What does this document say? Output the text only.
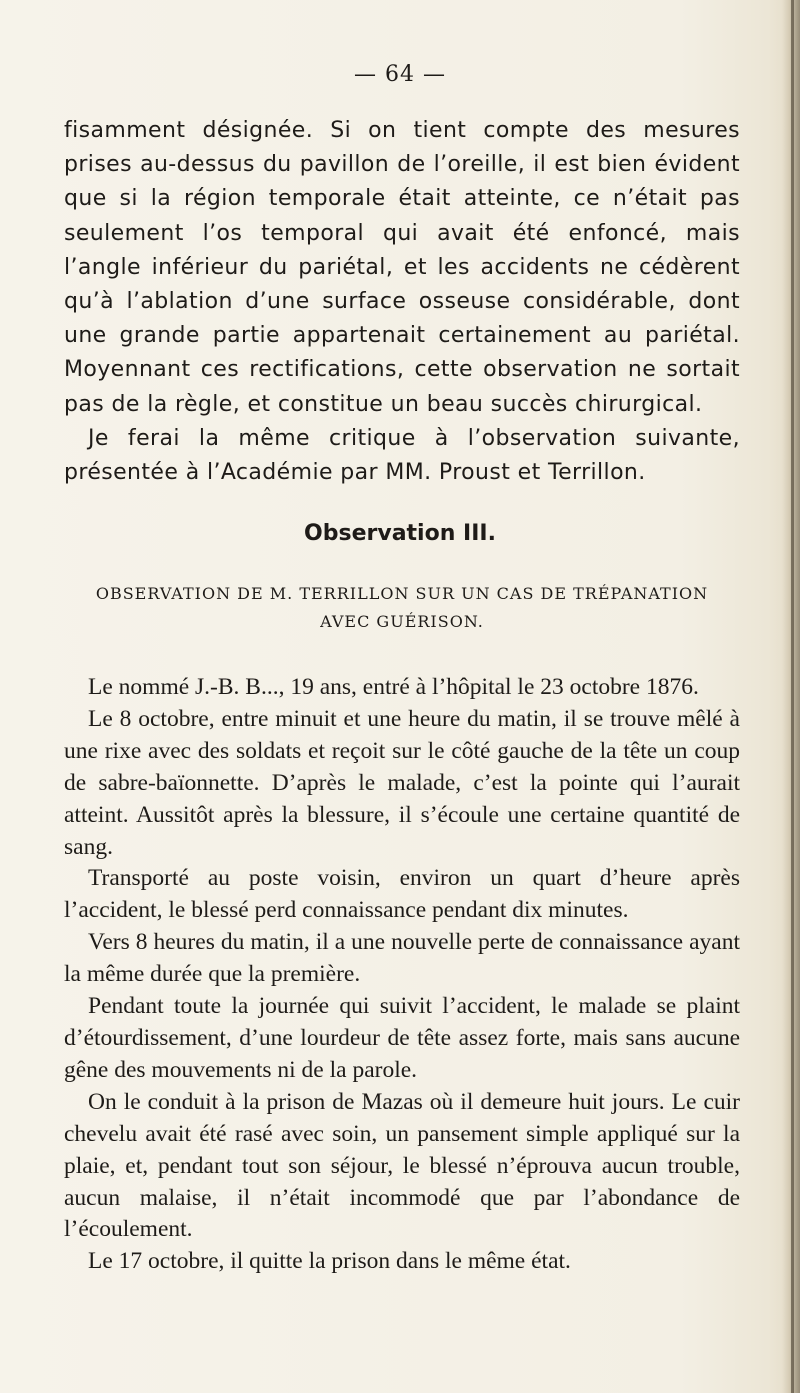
— 64 —

fisamment désignée. Si on tient compte des mesures prises au-dessus du pavillon de l’oreille, il est bien évident que si la région temporale était atteinte, ce n’était pas seulement l’os temporal qui avait été enfoncé, mais l’angle inférieur du pariétal, et les accidents ne cédèrent qu’à l’ablation d’une surface osseuse considérable, dont une grande partie appartenait certainement au pariétal. Moyennant ces rectifications, cette observation ne sortait pas de la règle, et constitue un beau succès chirurgical.

Je ferai la même critique à l’observation suivante, présentée à l’Académie par MM. Proust et Terrillon.

Observation III.
OBSERVATION DE M. TERRILLON SUR UN CAS DE TRÉPANATION
AVEC GUÉRISON.

Le nommé J.-B. B..., 19 ans, entré à l’hôpital le 23 octobre 1876.

Le 8 octobre, entre minuit et une heure du matin, il se trouve mêlé à une rixe avec des soldats et reçoit sur le côté gauche de la tête un coup de sabre-baïonnette. D’après le malade, c’est la pointe qui l’aurait atteint. Aussitôt après la blessure, il s’écoule une certaine quantité de sang.

Transporté au poste voisin, environ un quart d’heure après l’accident, le blessé perd connaissance pendant dix minutes.

Vers 8 heures du matin, il a une nouvelle perte de connaissance ayant la même durée que la première.

Pendant toute la journée qui suivit l’accident, le malade se plaint d’étourdissement, d’une lourdeur de tête assez forte, mais sans aucune gêne des mouvements ni de la parole.

On le conduit à la prison de Mazas où il demeure huit jours. Le cuir chevelu avait été rasé avec soin, un pansement simple appliqué sur la plaie, et, pendant tout son séjour, le blessé n’éprouva aucun trouble, aucun malaise, il n’était incommodé que par l’abondance de l’écoulement.

Le 17 octobre, il quitte la prison dans le même état.
